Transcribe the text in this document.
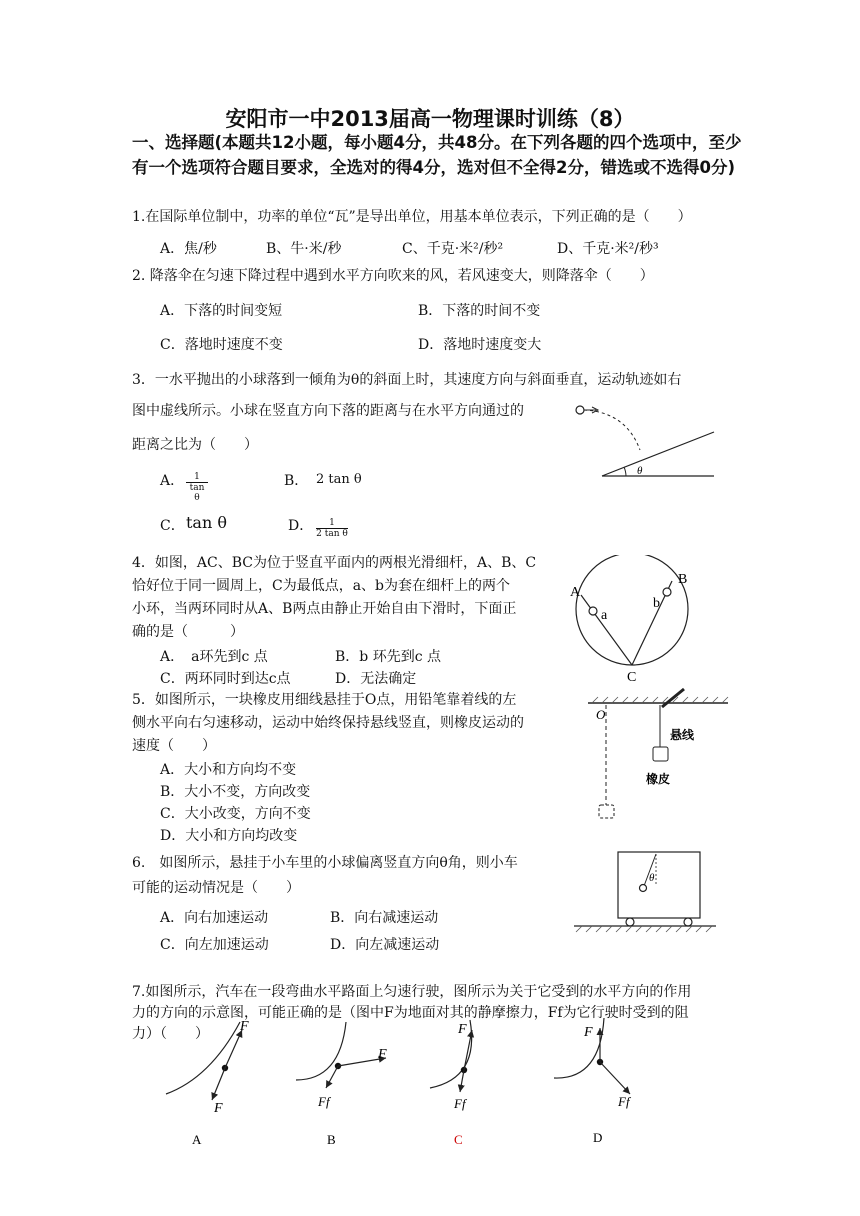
安阳市一中2013届高一物理课时训练（8）
一、选择题(本题共12小题，每小题4分，共48分。在下列各题的四个选项中，至少有一个选项符合题目要求，全选对的得4分，选对但不全得2分，错选或不选得0分)
1.在国际单位制中，功率的单位“瓦”是导出单位，用基本单位表示，下列正确的是（　　）
A．焦/秒	B、牛·米/秒	C、千克·米²/秒²	D、千克·米²/秒³
2. 降落伞在匀速下降过程中遇到水平方向吹来的风，若风速变大，则降落伞（　　）
A．下落的时间变短	B．下落的时间不变
C．落地时速度不变	D．落地时速度变大
3．一水平抛出的小球落到一倾角为θ的斜面上时，其速度方向与斜面垂直，运动轨迹如右
图中虚线所示。小球在竖直方向下落的距离与在水平方向通过的
距离之比为（　　）
A． $\frac{1}{\text{tan θ}}$	B． 2 tan θ
C． tan θ	D． $\frac{1}{\text{2 tan θ}}$
θ
4．如图，AC、BC为位于竖直平面内的两根光滑细杆，A、B、C
恰好位于同一圆周上，C为最低点，a、b为套在细杆上的两个
小环，当两环同时从A、B两点由静止开始自由下滑时，下面正
确的是（　　　）
A．　a环先到c 点	B．b 环先到c 点
C．两环同时到达c点	D．无法确定
A
B
C
a
b
5．如图所示，一块橡皮用细线悬挂于O点，用铅笔靠着线的左
侧水平向右匀速移动，运动中始终保持悬线竖直，则橡皮运动的
速度（　　）
A．大小和方向均不变
B．大小不变，方向改变
C．大小改变，方向不变
D．大小和方向均改变
O
悬线
橡皮
6.　如图所示，悬挂于小车里的小球偏离竖直方向θ角，则小车
可能的运动情况是（　　）
A．向右加速运动	B．向右减速运动
C．向左加速运动	D．向左减速运动
θ
7.如图所示，汽车在一段弯曲水平路面上匀速行驶，图所示为关于它受到的水平方向的作用
力的方向的示意图，可能正确的是（图中F为地面对其的静摩擦力，Ff为它行驶时受到的阻
力）（　　） F
F
A
F
Ff
B
F
Ff
C
F
Ff
D
